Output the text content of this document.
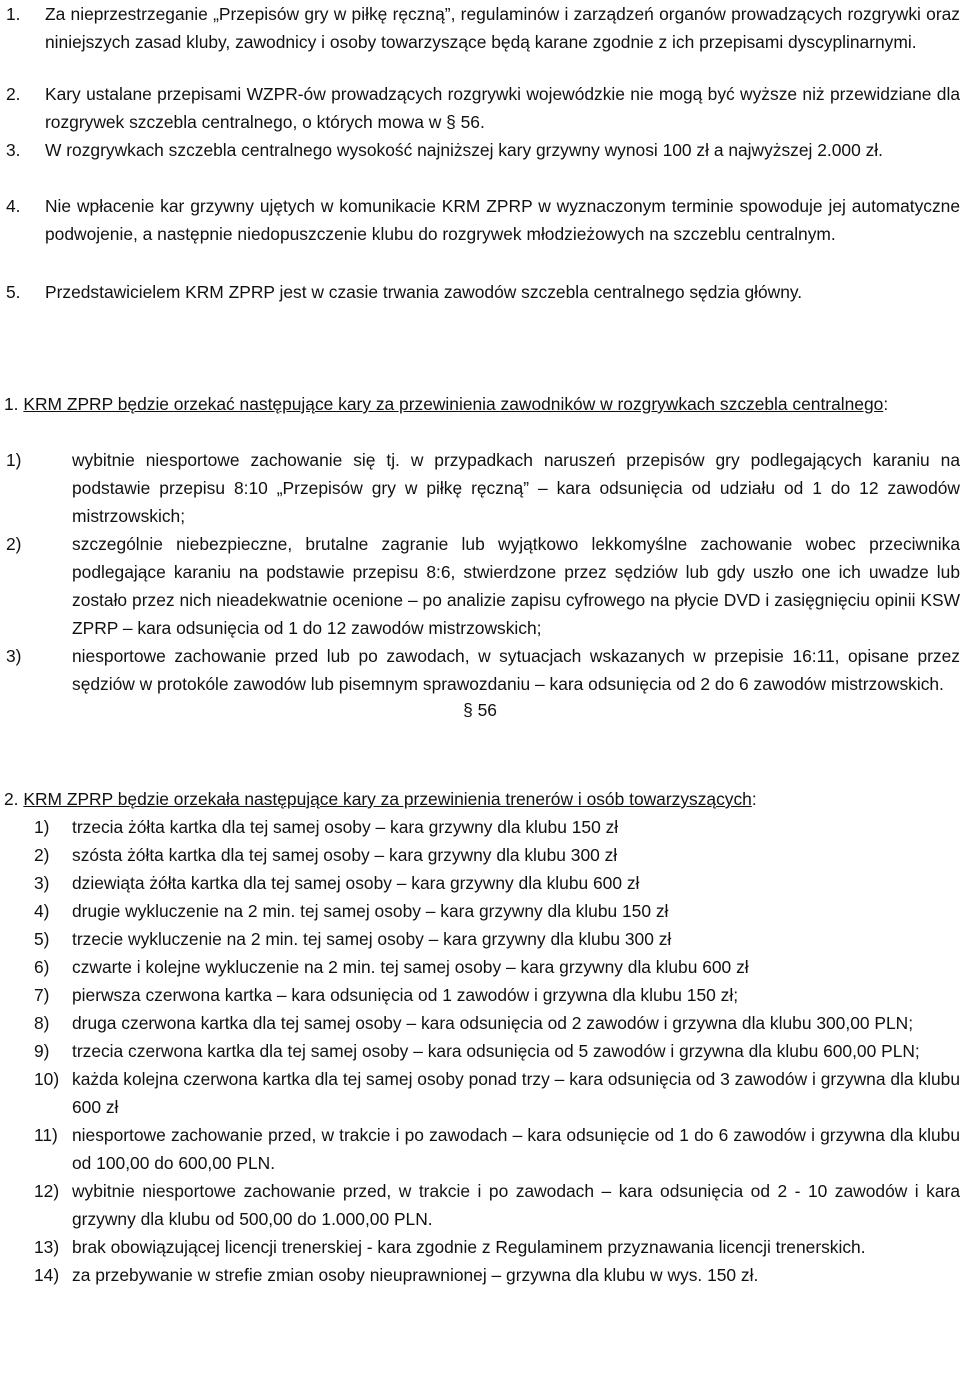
1. Za nieprzestrzeganie „Przepisów gry w piłkę ręczną”, regulaminów i zarządzeń organów prowadzących rozgrywki oraz niniejszych zasad kluby, zawodnicy i osoby towarzyszące będą karane zgodnie z ich przepisami dyscyplinarnymi.
2. Kary ustalane przepisami WZPR-ów prowadzących rozgrywki wojewódzkie nie mogą być wyższe niż przewidziane dla rozgrywek szczebla centralnego, o których mowa w § 56.
3. W rozgrywkach szczebla centralnego wysokość najniższej kary grzywny wynosi 100 zł a najwyższej 2.000 zł.
4. Nie wpłacenie kar grzywny ujętych w komunikacie KRM ZPRP w wyznaczonym terminie spowoduje jej automatyczne podwojenie, a następnie niedopuszczenie klubu do rozgrywek młodzieżowych na szczeblu centralnym.
5. Przedstawicielem KRM ZPRP jest w czasie trwania zawodów szczebla centralnego sędzia główny.
§ 56
1. KRM ZPRP będzie orzekać następujące kary za przewinienia zawodników w rozgrywkach szczebla centralnego:
1)	wybitnie niesportowe zachowanie się tj. w przypadkach naruszeń przepisów gry podlegających karaniu na podstawie przepisu 8:10 „Przepisów gry w piłkę ręczną” – kara odsunięcia od udziału od 1 do 12 zawodów mistrzowskich;
2)	szczególnie niebezpieczne, brutalne zagranie lub wyjątkowo lekkomyślne zachowanie wobec przeciwnika podlegające karaniu na podstawie przepisu 8:6, stwierdzone przez sędziów lub gdy uszło one ich uwadze lub zostało przez nich nieadekwatnie ocenione – po analizie zapisu cyfrowego na płycie DVD i zasięgnięciu opinii KSW ZPRP – kara odsunięcia od 1 do 12 zawodów mistrzowskich;
3)	niesportowe zachowanie przed lub po zawodach, w sytuacjach wskazanych w przepisie 16:11, opisane przez sędziów w protokóle zawodów lub pisemnym sprawozdaniu – kara odsunięcia od 2 do 6 zawodów mistrzowskich.
2. KRM ZPRP będzie orzekała następujące kary za przewinienia trenerów i osób towarzyszących:
1) trzecia żółta kartka dla tej samej osoby – kara grzywny dla klubu 150 zł
2) szósta żółta kartka dla tej samej osoby – kara grzywny dla klubu 300 zł
3) dziewiąta żółta kartka dla tej samej osoby – kara grzywny dla klubu 600 zł
4) drugie wykluczenie na 2 min. tej samej osoby – kara grzywny dla klubu 150 zł
5) trzecie wykluczenie na 2 min. tej samej osoby – kara grzywny dla klubu 300 zł
6) czwarte i kolejne wykluczenie na 2 min. tej samej osoby – kara grzywny dla klubu 600 zł
7) pierwsza czerwona kartka – kara odsunięcia od 1 zawodów i grzywna dla klubu 150 zł;
8) druga czerwona kartka dla tej samej osoby – kara odsunięcia od 2 zawodów i grzywna dla klubu 300,00 PLN;
9) trzecia czerwona kartka dla tej samej osoby – kara odsunięcia od 5 zawodów i grzywna dla klubu 600,00 PLN;
10) każda kolejna czerwona kartka dla tej samej osoby ponad trzy – kara odsunięcia od 3 zawodów i grzywna dla klubu 600 zł
11) niesportowe zachowanie przed, w trakcie i po zawodach – kara odsunięcie od 1 do 6 zawodów i grzywna dla klubu od 100,00 do 600,00 PLN.
12) wybitnie niesportowe zachowanie przed, w trakcie i po zawodach – kara odsunięcia od 2 - 10 zawodów i kara grzywny dla klubu od 500,00 do 1.000,00 PLN.
13) brak obowiązującej licencji trenerskiej - kara zgodnie z Regulaminem przyznawania licencji trenerskich.
14) za przebywanie w strefie zmian osoby nieuprawnionej – grzywna dla klubu w wys. 150 zł.
